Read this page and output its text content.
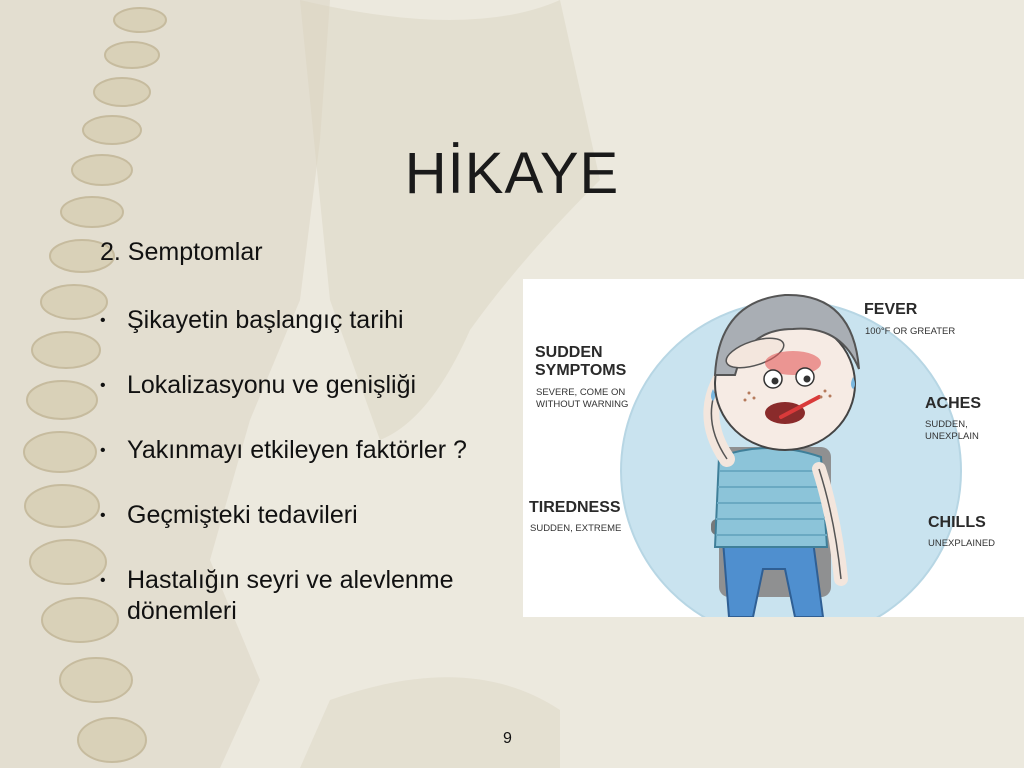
HİKAYE
2. Semptomlar
• Şikayetin başlangıç tarihi
• Lokalizasyonu ve genişliği
• Yakınmayı etkileyen faktörler ?
• Geçmişteki tedavileri
• Hastalığın seyri ve alevlenme dönemleri
SUDDEN
SYMPTOMS
SEVERE, COME ON
WITHOUT WARNING
FEVER
100°F OR GREATER
ACHES
SUDDEN, UNEXPLAIN
TIREDNESS
SUDDEN, EXTREME	CHILLS
UNEXPLAINED
9
